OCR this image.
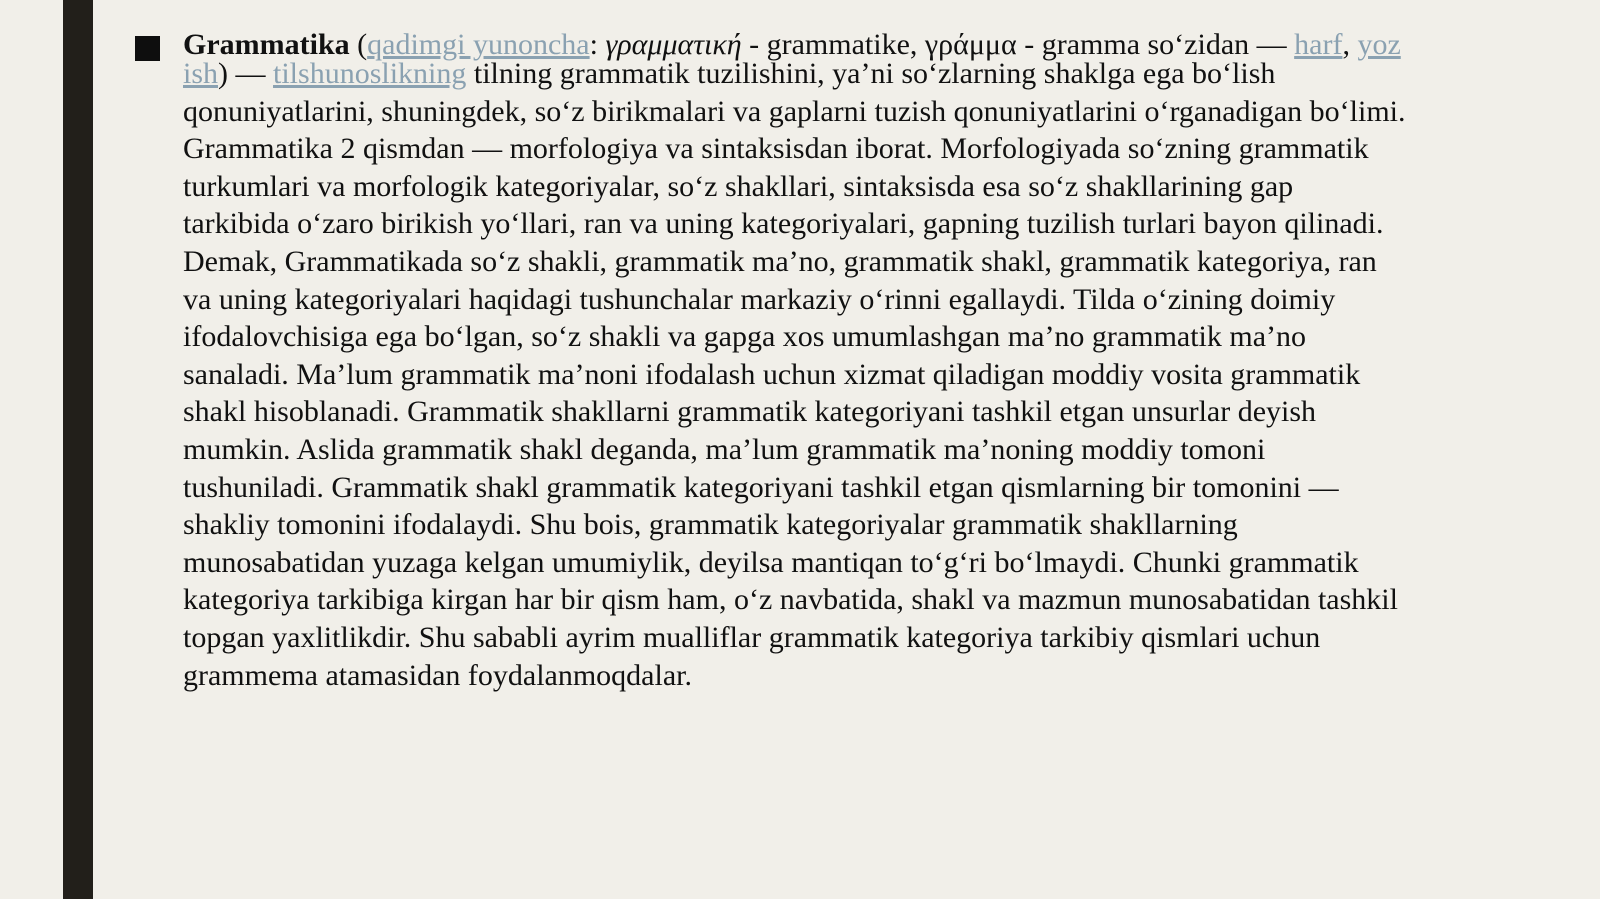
Grammatika (qadimgi yunoncha: γραμματική - grammatike, γράμμα - gramma soʻzidan — harf, yoz
ish) — tilshunoslikning tilning grammatik tuzilishini, ya’ni soʻzlarning shaklga ega boʻlish
qonuniyatlarini, shuningdek, soʻz birikmalari va gaplarni tuzish qonuniyatlarini oʻrganadigan boʻlimi.
Grammatika 2 qismdan — morfologiya va sintaksisdan iborat. Morfologiyada soʻzning grammatik
turkumlari va morfologik kategoriyalar, soʻz shakllari, sintaksisda esa soʻz shakllarining gap
tarkibida oʻzaro birikish yoʻllari, ran va uning kategoriyalari, gapning tuzilish turlari bayon qilinadi.
Demak, Grammatikada soʻz shakli, grammatik ma’no, grammatik shakl, grammatik kategoriya, ran
va uning kategoriyalari haqidagi tushunchalar markaziy oʻrinni egallaydi. Tilda oʻzining doimiy
ifodalovchisiga ega boʻlgan, soʻz shakli va gapga xos umumlashgan ma’no grammatik ma’no
sanaladi. Ma’lum grammatik ma’noni ifodalash uchun xizmat qiladigan moddiy vosita grammatik
shakl hisoblanadi. Grammatik shakllarni grammatik kategoriyani tashkil etgan unsurlar deyish
mumkin. Aslida grammatik shakl deganda, ma’lum grammatik ma’noning moddiy tomoni
tushuniladi. Grammatik shakl grammatik kategoriyani tashkil etgan qismlarning bir tomonini —
shakliy tomonini ifodalaydi. Shu bois, grammatik kategoriyalar grammatik shakllarning
munosabatidan yuzaga kelgan umumiylik, deyilsa mantiqan toʻgʻri boʻlmaydi. Chunki grammatik
kategoriya tarkibiga kirgan har bir qism ham, oʻz navbatida, shakl va mazmun munosabatidan tashkil
topgan yaxlitlikdir. Shu sababli ayrim mualliflar grammatik kategoriya tarkibiy qismlari uchun
grammema atamasidan foydalanmoqdalar.
